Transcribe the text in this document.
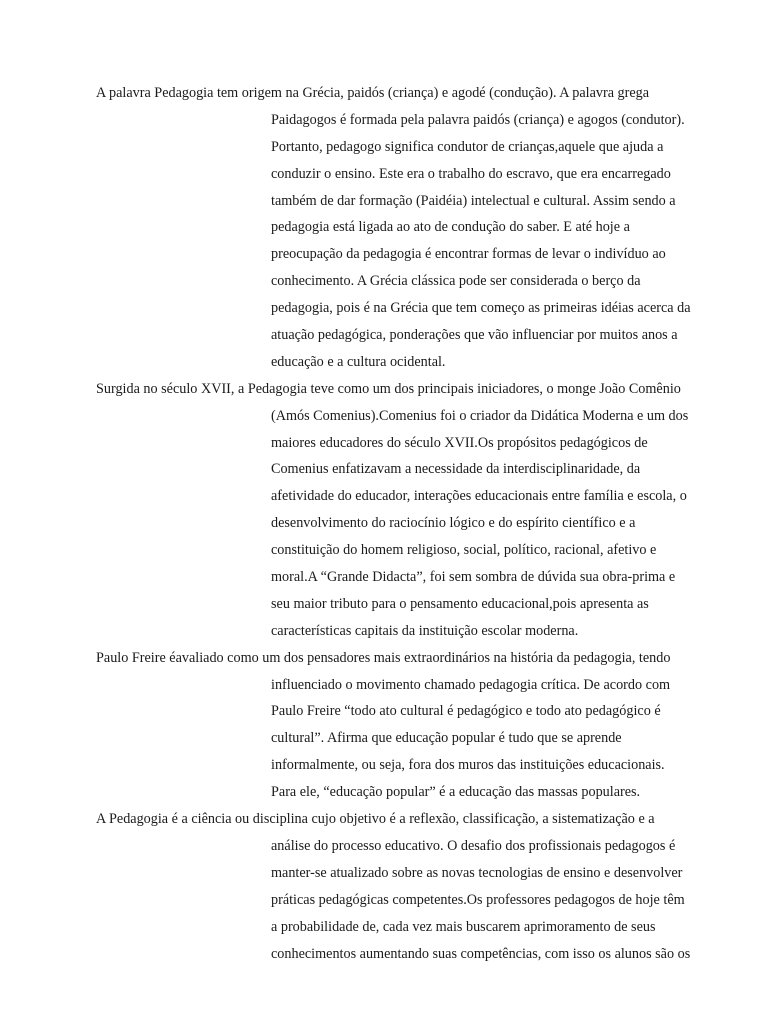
A palavra Pedagogia tem origem na Grécia, paidós (criança) e agodé (condução). A palavra grega
Paidagogos é formada pela palavra paidós (criança) e agogos (condutor).
Portanto, pedagogo significa condutor de crianças,aquele que ajuda a
conduzir o ensino. Este era o trabalho do escravo, que era encarregado
também de dar formação (Paidéia) intelectual e cultural. Assim sendo a
pedagogia está ligada ao ato de condução do saber. E até hoje a
preocupação da pedagogia é encontrar formas de levar o indivíduo ao
conhecimento. A Grécia clássica pode ser considerada o berço da
pedagogia, pois é na Grécia que tem começo as primeiras idéias acerca da
atuação pedagógica, ponderações que vão influenciar por muitos anos a
educação e a cultura ocidental.

Surgida no século XVII, a Pedagogia teve como um dos principais iniciadores, o monge João Comênio
(Amós Comenius).Comenius foi o criador da Didática Moderna e um dos
maiores educadores do século XVII.Os propósitos pedagógicos de
Comenius enfatizavam a necessidade da interdisciplinaridade, da
afetividade do educador, interações educacionais entre família e escola, o
desenvolvimento do raciocínio lógico e do espírito científico e a
constituição do homem religioso, social, político, racional, afetivo e
moral.A “Grande Didacta”, foi sem sombra de dúvida sua obra-prima e
seu maior tributo para o pensamento educacional,pois apresenta as
características capitais da instituição escolar moderna.

Paulo Freire éavaliado como um dos pensadores mais extraordinários na história da pedagogia, tendo
influenciado o movimento chamado pedagogia crítica. De acordo com
Paulo Freire “todo ato cultural é pedagógico e todo ato pedagógico é
cultural”. Afirma que educação popular é tudo que se aprende
informalmente, ou seja, fora dos muros das instituições educacionais.
Para ele, “educação popular” é a educação das massas populares.

A Pedagogia é a ciência ou disciplina cujo objetivo é a reflexão, classificação, a sistematização e a
análise do processo educativo. O desafio dos profissionais pedagogos é
manter-se atualizado sobre as novas tecnologias de ensino e desenvolver
práticas pedagógicas competentes.Os professores pedagogos de hoje têm
a probabilidade de, cada vez mais buscarem aprimoramento de seus
conhecimentos aumentando suas competências, com isso os alunos são os
